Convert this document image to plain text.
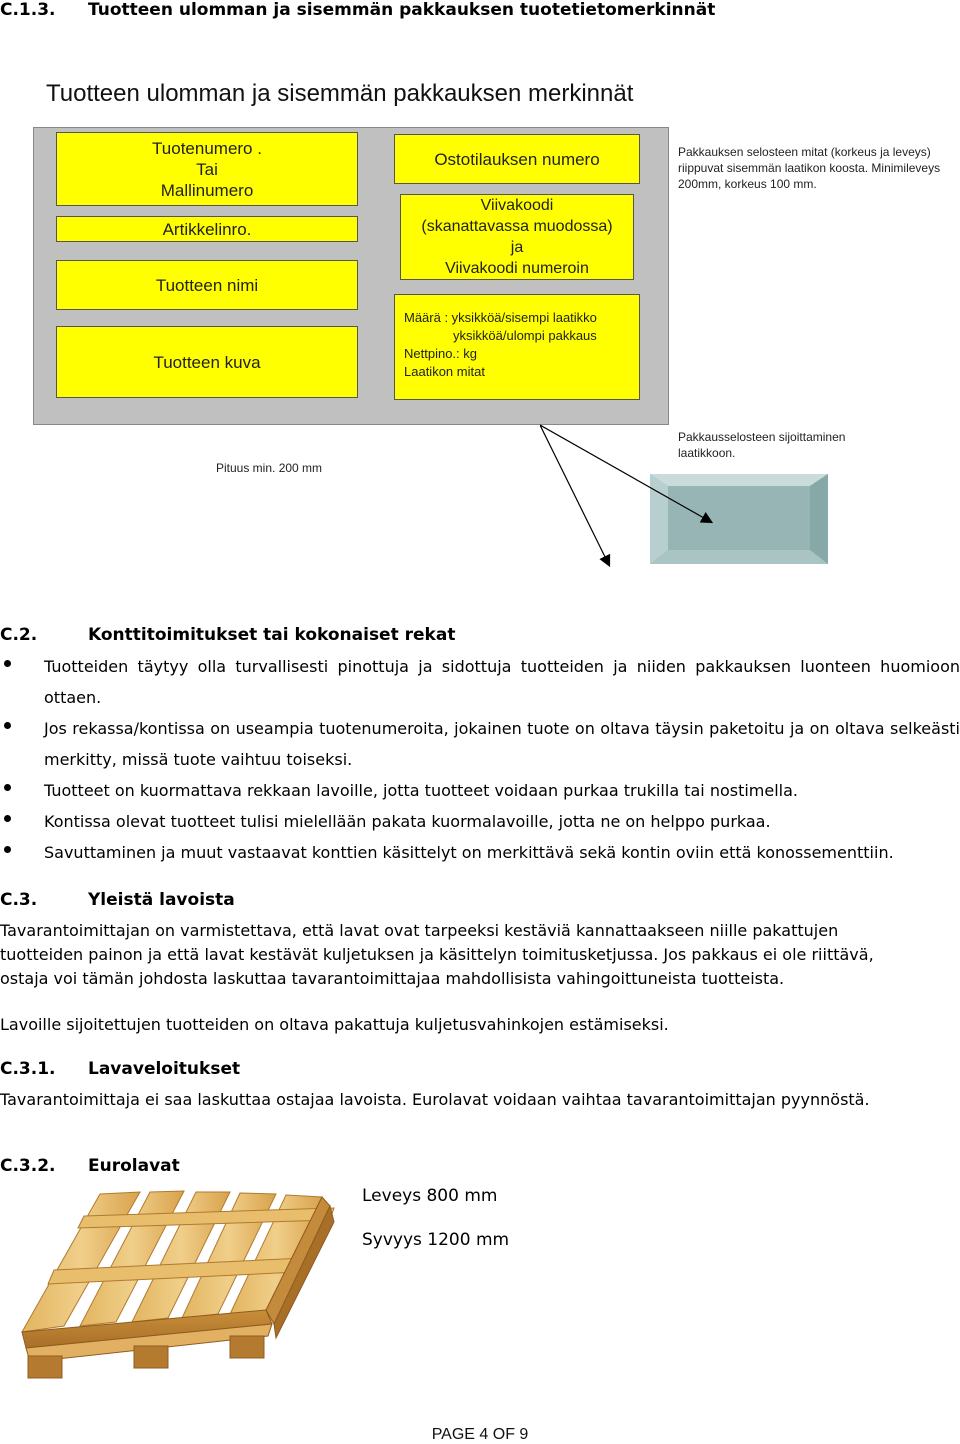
C.1.3. Tuotteen ulomman ja sisemmän pakkauksen tuotetietomerkinnät
Tuotteen ulomman ja sisemmän pakkauksen merkinnät
Tuotenumero .
Tai
Mallinumero
Artikkelinro.
Tuotteen nimi
Tuotteen kuva
Ostotilauksen numero
Viivakoodi
(skanattavassa muodossa)
ja
Viivakoodi numeroin
Määrä : yksikköä/sisempi laatikko
yksikköä/ulompi pakkaus
Nettpino.: kg
Laatikon mitat
Pakkauksen selosteen mitat (korkeus ja leveys) riippuvat sisemmän laatikon koosta. Minimileveys 200mm, korkeus 100 mm.
Pituus min. 200 mm
Pakkausselosteen sijoittaminen laatikkoon.
C.2.	Konttitoimitukset tai kokonaiset rekat
Tuotteiden täytyy olla turvallisesti pinottuja ja sidottuja tuotteiden ja niiden pakkauksen luonteen huomioon ottaen.
Jos rekassa/kontissa on useampia tuotenumeroita, jokainen tuote on oltava täysin paketoitu ja on oltava selkeästi merkitty, missä tuote vaihtuu toiseksi.
Tuotteet on kuormattava rekkaan lavoille, jotta tuotteet voidaan purkaa trukilla tai nostimella.
Kontissa olevat tuotteet tulisi mielellään pakata kuormalavoille, jotta ne on helppo purkaa.
Savuttaminen ja muut vastaavat konttien käsittelyt on merkittävä sekä kontin oviin että konossementtiin.
C.3.	Yleistä lavoista
Tavarantoimittajan on varmistettava, että lavat ovat tarpeeksi kestäviä kannattaakseen niille pakattujen
tuotteiden painon ja että lavat kestävät kuljetuksen ja käsittelyn toimitusketjussa. Jos pakkaus ei ole riittävä,
ostaja voi tämän johdosta laskuttaa tavarantoimittajaa mahdollisista vahingoittuneista tuotteista.
Lavoille sijoitettujen tuotteiden on oltava pakattuja kuljetusvahinkojen estämiseksi.
C.3.1. Lavaveloitukset
Tavarantoimittaja ei saa laskuttaa ostajaa lavoista. Eurolavat voidaan vaihtaa tavarantoimittajan pyynnöstä.
C.3.2. Eurolavat
Leveys 800 mm
Syvyys 1200 mm
PAGE 4 OF 9
